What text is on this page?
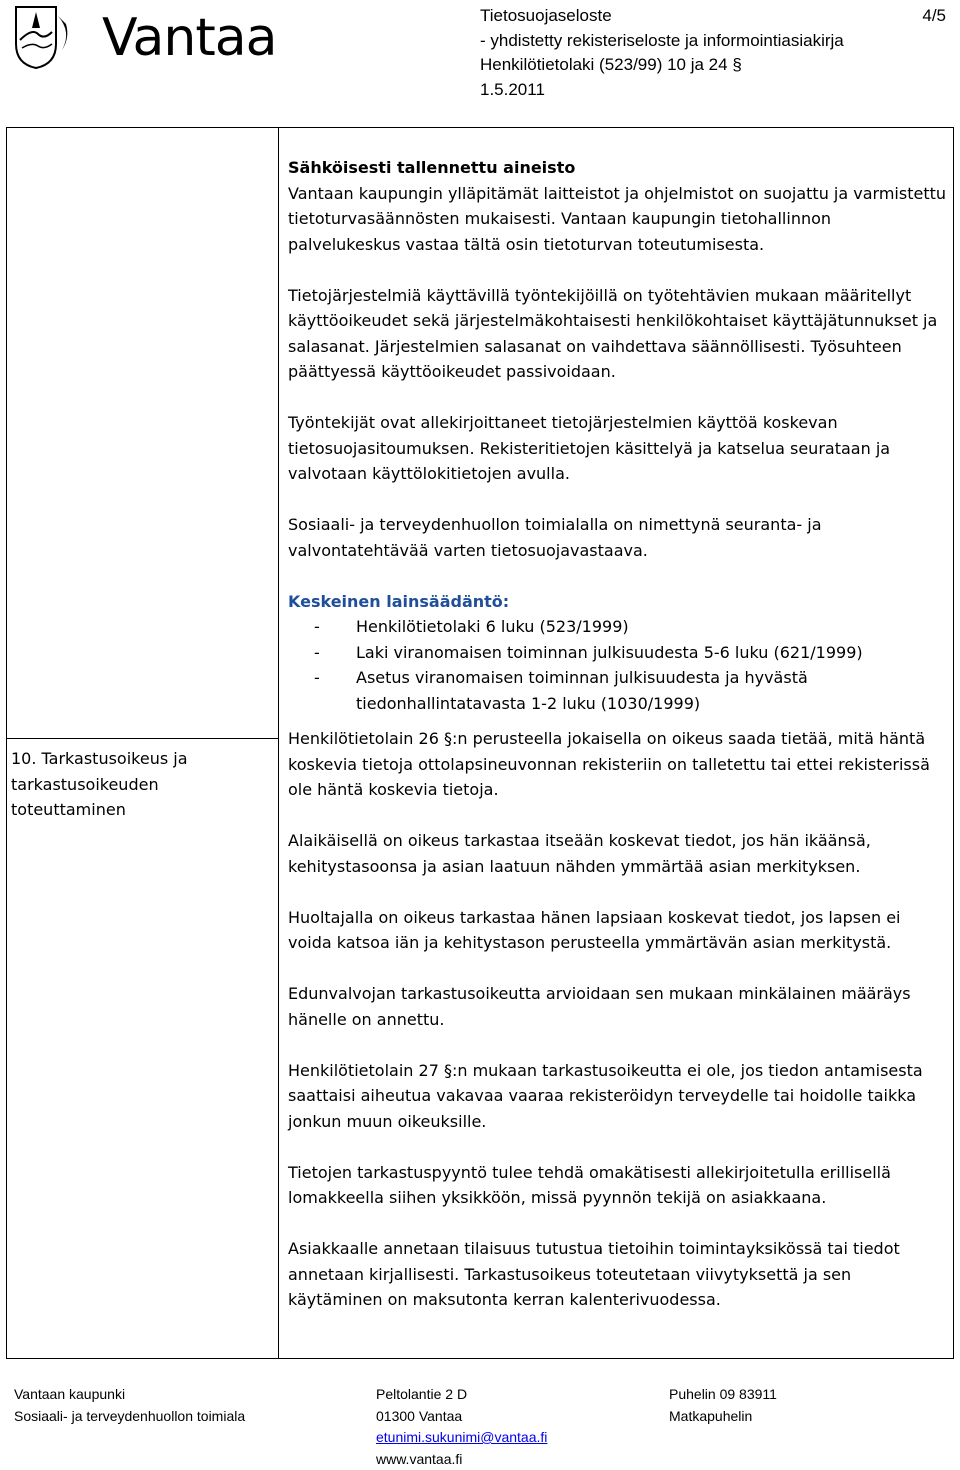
Vantaa	Tietosuojaseloste
- yhdistetty rekisteriseloste ja informointiasiakirja
Henkilötietolaki (523/99) 10 ja 24 §
1.5.2011
4/5
10. Tarkastusoikeus ja tarkastusoikeuden toteuttaminen
Sähköisesti tallennettu aineisto
Vantaan kaupungin ylläpitämät laitteistot ja ohjelmistot on suojattu ja varmistettu tietoturvasäännösten mukaisesti. Vantaan kaupungin tietohallinnon palvelukeskus vastaa tältä osin tietoturvan toteutumisesta.
Tietojärjestelmiä käyttävillä työntekijöillä on työtehtävien mukaan määritellyt käyttöoikeudet sekä järjestelmäkohtaisesti henkilökohtaiset käyttäjätunnukset ja salasanat. Järjestelmien salasanat on vaihdettava säännöllisesti. Työsuhteen päättyessä käyttöoikeudet passivoidaan.
Työntekijät ovat allekirjoittaneet tietojärjestelmien käyttöä koskevan tietosuojasitoumuksen. Rekisteritietojen käsittelyä ja katselua seurataan ja valvotaan käyttölokitietojen avulla.
Sosiaali- ja terveydenhuollon toimialalla on nimettynä seuranta- ja valvontatehtävää varten tietosuojavastaava.
Keskeinen lainsäädäntö:
- Henkilötietolaki 6 luku (523/1999)
- Laki viranomaisen toiminnan julkisuudesta 5-6 luku (621/1999)
- Asetus viranomaisen toiminnan julkisuudesta ja hyvästä tiedonhallintatavasta 1-2 luku (1030/1999)
Henkilötietolain 26 §:n perusteella jokaisella on oikeus saada tietää, mitä häntä koskevia tietoja ottolapsineuvonnan rekisteriin on talletettu tai ettei rekisterissä ole häntä koskevia tietoja.
Alaikäisellä on oikeus tarkastaa itseään koskevat tiedot, jos hän ikäänsä, kehitystasoonsa ja asian laatuun nähden ymmärtää asian merkityksen.
Huoltajalla on oikeus tarkastaa hänen lapsiaan koskevat tiedot, jos lapsen ei voida katsoa iän ja kehitystason perusteella ymmärtävän asian merkitystä.
Edunvalvojan tarkastusoikeutta arvioidaan sen mukaan minkälainen määräys hänelle on annettu.
Henkilötietolain 27 §:n mukaan tarkastusoikeutta ei ole, jos tiedon antamisesta saattaisi aiheutua vakavaa vaaraa rekisteröidyn terveydelle tai hoidolle taikka jonkun muun oikeuksille.
Tietojen tarkastuspyyntö tulee tehdä omakätisesti allekirjoitetulla erillisellä lomakkeella siihen yksikköön, missä pyynnön tekijä on asiakkaana.
Asiakkaalle annetaan tilaisuus tutustua tietoihin toimintayksikössä tai tiedot annetaan kirjallisesti. Tarkastusoikeus toteutetaan viivytyksettä ja sen käytäminen on maksutonta kerran kalenterivuodessa.
Vantaan kaupunki
Sosiaali- ja terveydenhuollon toimiala
Peltolantie 2 D
01300 Vantaa
etunimi.sukunimi@vantaa.fi
www.vantaa.fi
Puhelin 09 83911
Matkapuhelin
